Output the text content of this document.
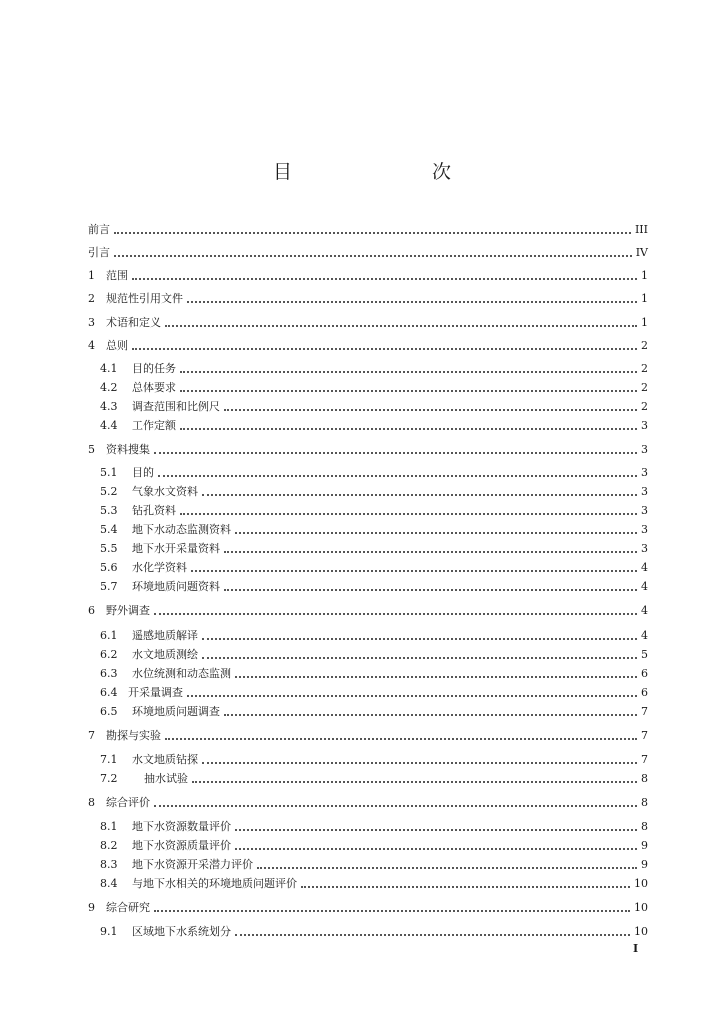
目　　次
前言	III
引言	IV
1	范围	1
2	规范性引用文件	1
3	术语和定义	1
4	总则	2
4.1	目的任务	2
4.2	总体要求	2
4.3	调查范围和比例尺	2
4.4	工作定额	3
5	资料搜集	3
5.1	目的	3
5.2	气象水文资料	3
5.3	钻孔资料	3
5.4	地下水动态监测资料	3
5.5	地下水开采量资料	3
5.6	水化学资料	4
5.7	环境地质问题资料	4
6	野外调查	4
6.1	遥感地质解译	4
6.2	水文地质测绘	5
6.3	水位统测和动态监测	6
6.4 开采量调查	6
6.5	环境地质问题调查	7
7	勘探与实验	7
7.1	水文地质钻探	7
7.2	抽水试验	8
8	综合评价	8
8.1	地下水资源数量评价	8
8.2	地下水资源质量评价	9
8.3	地下水资源开采潜力评价	9
8.4	与地下水相关的环境地质问题评价	10
9	综合研究	10
9.1	区域地下水系统划分	10
I
